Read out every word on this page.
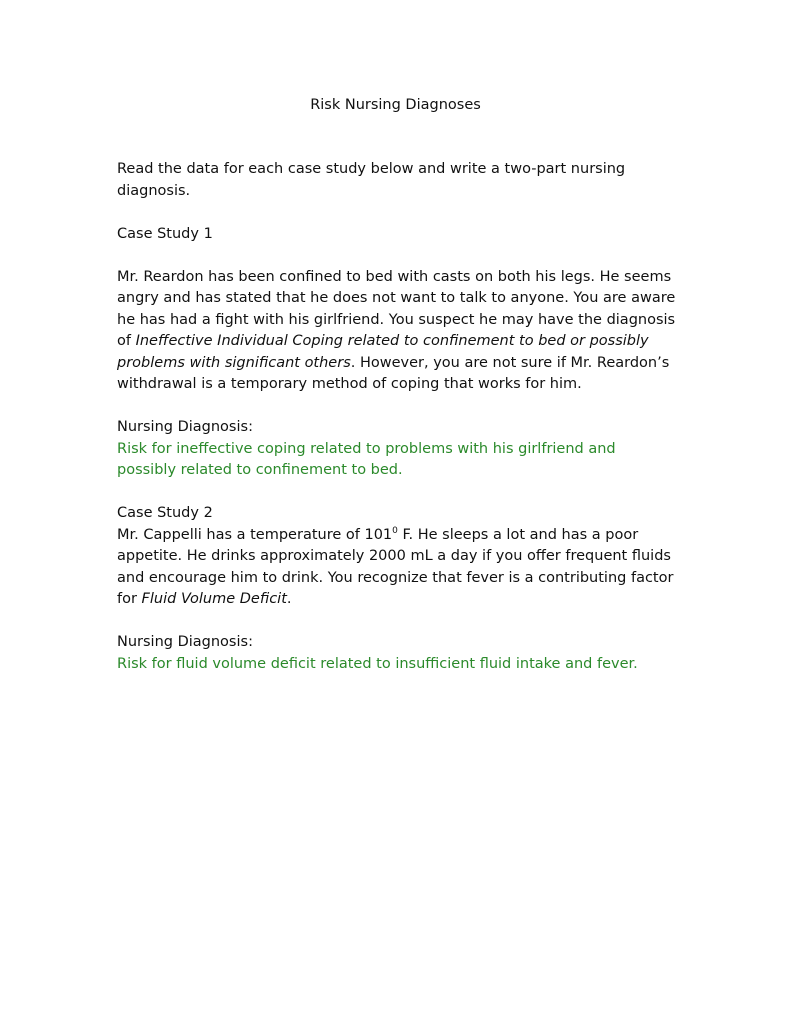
Risk Nursing Diagnoses

Read the data for each case study below and write a two-part nursing diagnosis.

Case Study 1

Mr. Reardon has been confined to bed with casts on both his legs. He seems angry and has stated that he does not want to talk to anyone. You are aware he has had a fight with his girlfriend. You suspect he may have the diagnosis of Ineffective Individual Coping related to confinement to bed or possibly problems with significant others. However, you are not sure if Mr. Reardon’s withdrawal is a temporary method of coping that works for him.

Nursing Diagnosis:

Risk for ineffective coping related to problems with his girlfriend and possibly related to confinement to bed.

Case Study 2

Mr. Cappelli has a temperature of $101^0$ F. He sleeps a lot and has a poor appetite. He drinks approximately 2000 mL a day if you offer frequent fluids and encourage him to drink. You recognize that fever is a contributing factor for Fluid Volume Deficit.

Nursing Diagnosis:

Risk for fluid volume deficit related to insufficient fluid intake and fever.
